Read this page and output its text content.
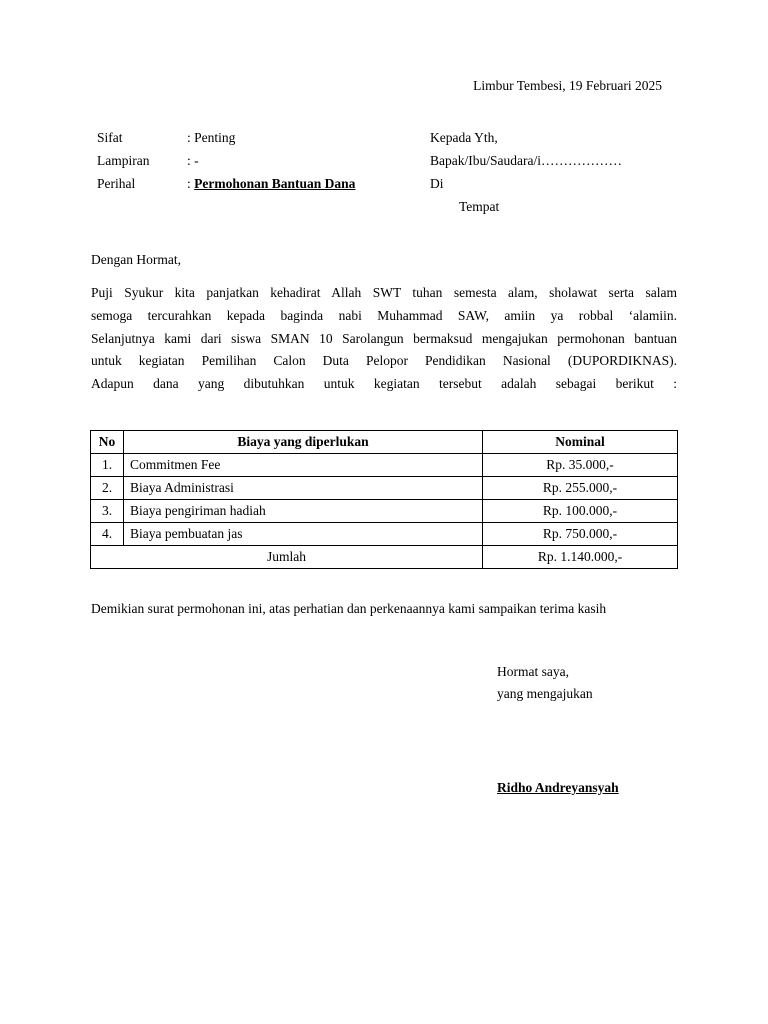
Limbur Tembesi, 19 Februari 2025
Sifat	: Penting
Lampiran	: -
Perihal	: Permohonan Bantuan Dana
Kepada Yth,
Bapak/Ibu/Saudara/i………………
Di
Tempat
Dengan Hormat,
Puji Syukur kita panjatkan kehadirat Allah SWT tuhan semesta alam, sholawat serta salam
semoga tercurahkan kepada baginda nabi Muhammad SAW, amiin ya robbal ‘alamiin.
Selanjutnya kami dari siswa SMAN 10 Sarolangun bermaksud mengajukan permohonan bantuan
untuk kegiatan Pemilihan Calon Duta Pelopor Pendidikan Nasional (DUPORDIKNAS).
Adapun dana yang dibutuhkan untuk kegiatan tersebut adalah sebagai berikut :
No	Biaya yang diperlukan	Nominal
1.	Commitmen Fee	Rp. 35.000,-
2.	Biaya Administrasi	Rp. 255.000,-
3.	Biaya pengiriman hadiah	Rp. 100.000,-
4.	Biaya pembuatan jas	Rp. 750.000,-
Jumlah		Rp. 1.140.000,-
Demikian surat permohonan ini, atas perhatian dan perkenaannya kami sampaikan terima kasih
Hormat saya,
yang mengajukan
Ridho Andreyansyah
